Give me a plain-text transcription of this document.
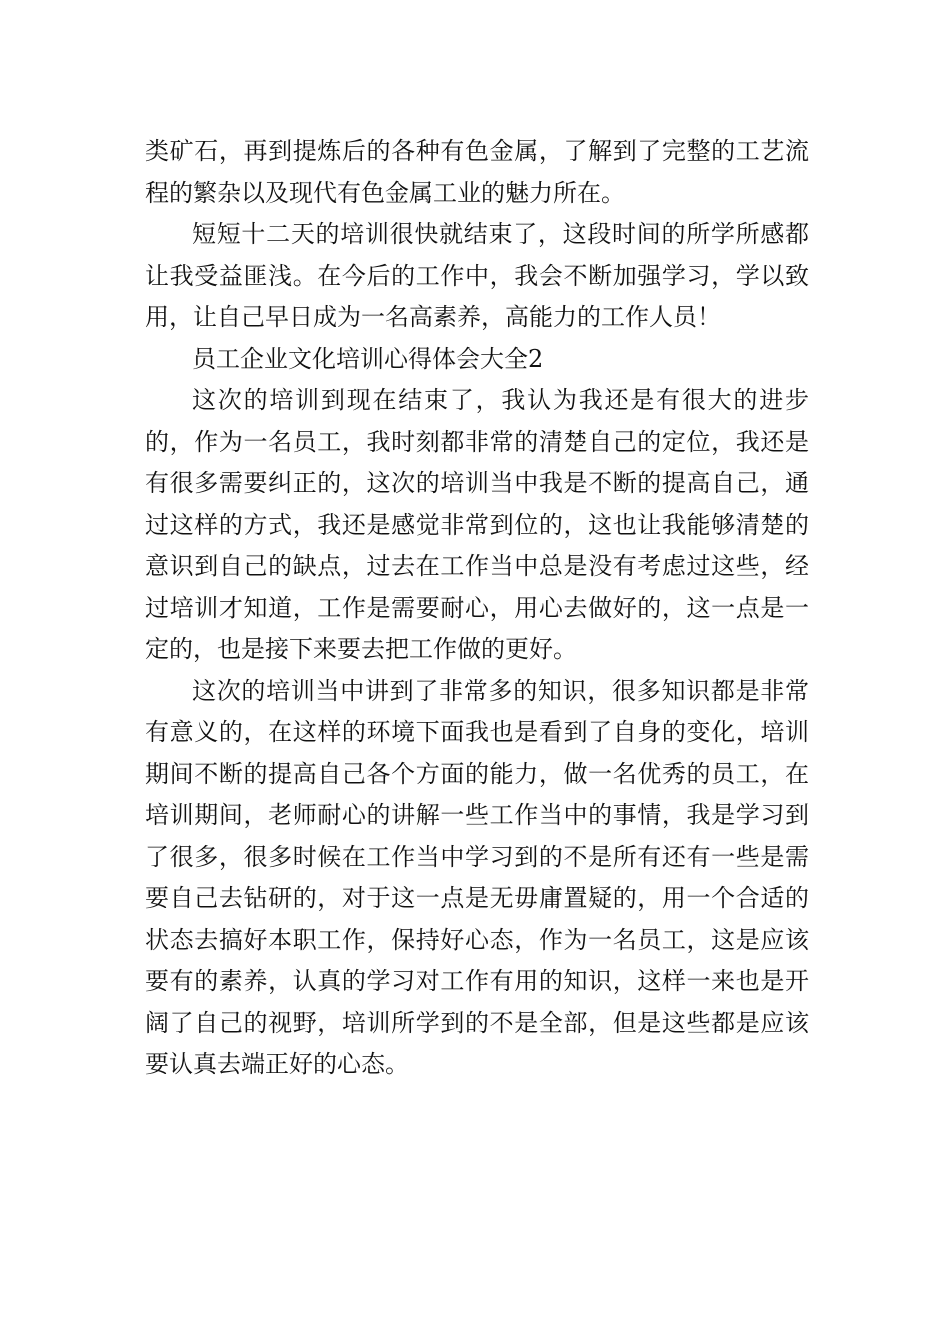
类矿石，再到提炼后的各种有色金属，了解到了完整的工艺流程的繁杂以及现代有色金属工业的魅力所在。

短短十二天的培训很快就结束了，这段时间的所学所感都让我受益匪浅。在今后的工作中，我会不断加强学习，学以致用，让自己早日成为一名高素养，高能力的工作人员！

员工企业文化培训心得体会大全2

这次的培训到现在结束了，我认为我还是有很大的进步的，作为一名员工，我时刻都非常的清楚自己的定位，我还是有很多需要纠正的，这次的培训当中我是不断的提高自己，通过这样的方式，我还是感觉非常到位的，这也让我能够清楚的意识到自己的缺点，过去在工作当中总是没有考虑过这些，经过培训才知道，工作是需要耐心，用心去做好的，这一点是一定的，也是接下来要去把工作做的更好。

这次的培训当中讲到了非常多的知识，很多知识都是非常有意义的，在这样的环境下面我也是看到了自身的变化，培训期间不断的提高自己各个方面的能力，做一名优秀的员工，在培训期间，老师耐心的讲解一些工作当中的事情，我是学习到了很多，很多时候在工作当中学习到的不是所有还有一些是需要自己去钻研的，对于这一点是无毋庸置疑的，用一个合适的状态去搞好本职工作，保持好心态，作为一名员工，这是应该要有的素养，认真的学习对工作有用的知识，这样一来也是开阔了自己的视野，培训所学到的不是全部，但是这些都是应该要认真去端正好的心态。
